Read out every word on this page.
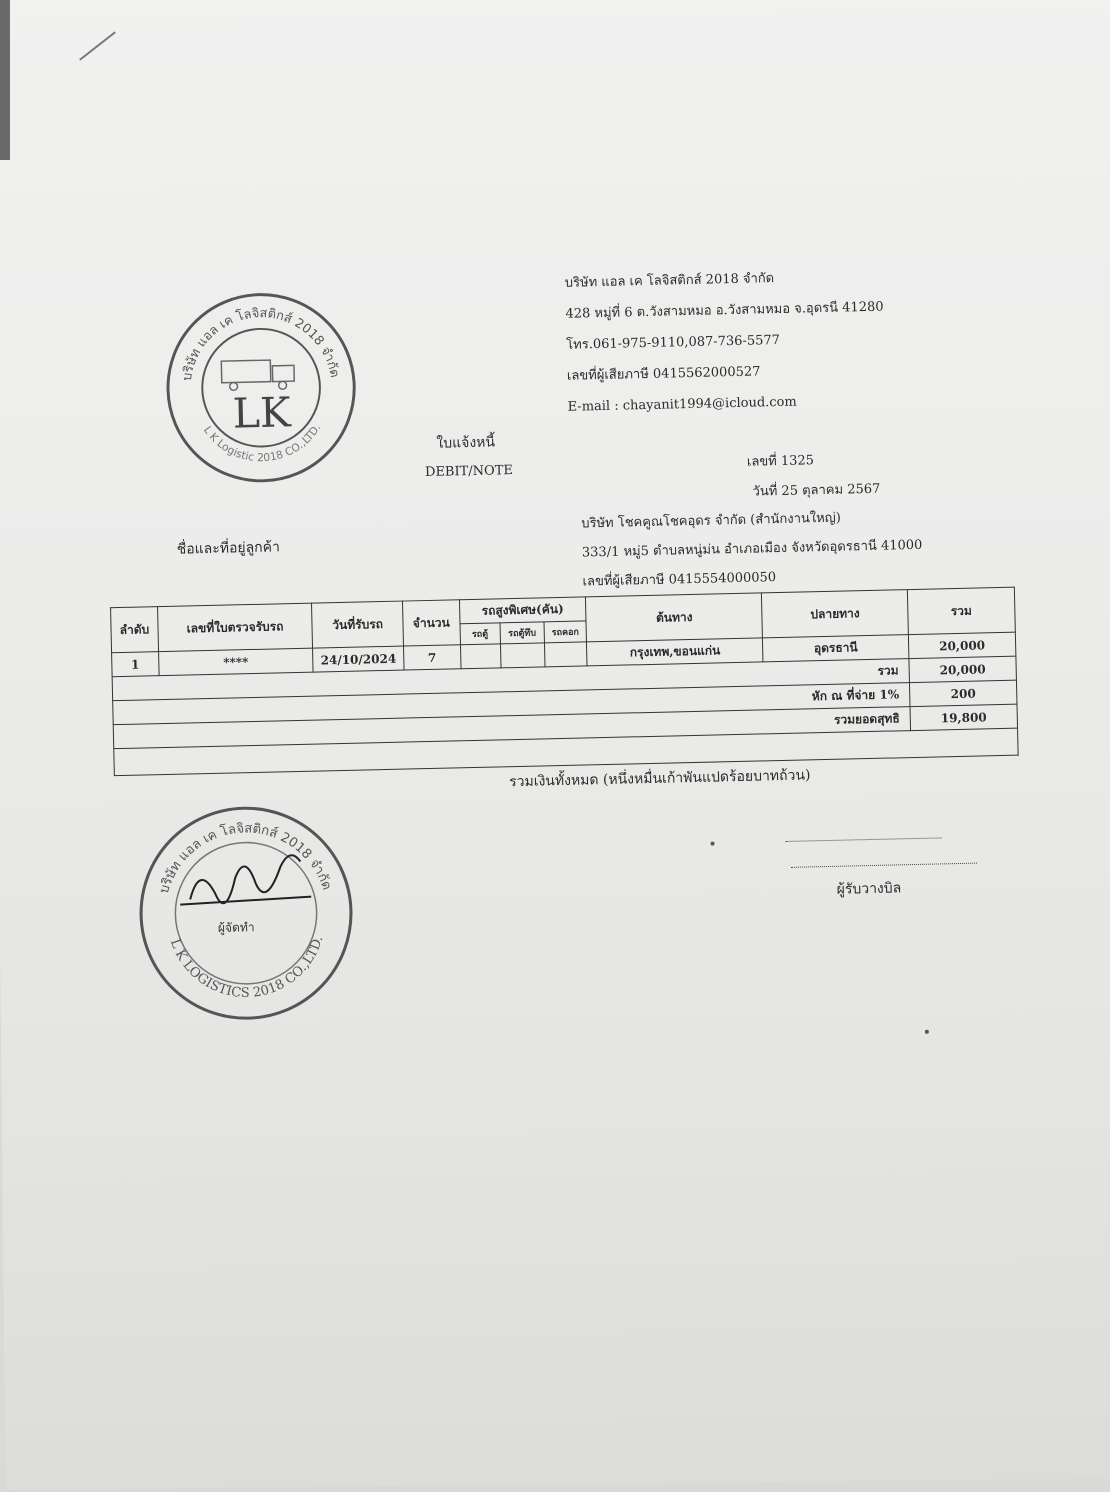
บริษัท แอล เค โลจิสติกส์ 2018 จำกัด
L K Logistic 2018 CO.,LTD.
LK
บริษัท แอล เค โลจิสติกส์ 2018 จำกัด
428 หมู่ที่ 6 ต.วังสามหมอ อ.วังสามหมอ จ.อุดรนี 41280
โทร.061-975-9110,087-736-5577
เลขที่ผู้เสียภาษี 0415562000527
E-mail : chayanit1994@icloud.com
ใบแจ้งหนี้
DEBIT/NOTE
เลขที่ 1325
วันที่ 25 ตุลาคม 2567
ชื่อและที่อยู่ลูกค้า
บริษัท โชคคูณโชคอุดร จำกัด (สำนักงานใหญ่)
333/1 หมู่5 ตำบลหนู่ม่น อำเภอเมือง จังหวัดอุดรธานี 41000
เลขที่ผู้เสียภาษี 0415554000050
ลำดับ	เลขที่ใบตรวจรับรถ	วันที่รับรถ	จำนวน	รถสูงพิเศษ(คัน)			ต้นทาง	ปลายทาง	รวม
				รถตู้	รถตู้ทึบ	รถคอก			
1	****	24/10/2024	7				กรุงเทพ,ขอนแก่น	อุดรธานี	20,000
รวม									20,000
หัก ณ ที่จ่าย 1%									200
รวมยอดสุทธิ									19,800

รวมเงินทั้งหมด (หนึ่งหมื่นเก้าพันแปดร้อยบาทถ้วน)
บริษัท แอล เค โลจิสติกส์ 2018 จำกัด
L K LOGISTICS 2018 CO.,LTD.
ผู้จัดทำ
ผู้รับวางบิล
